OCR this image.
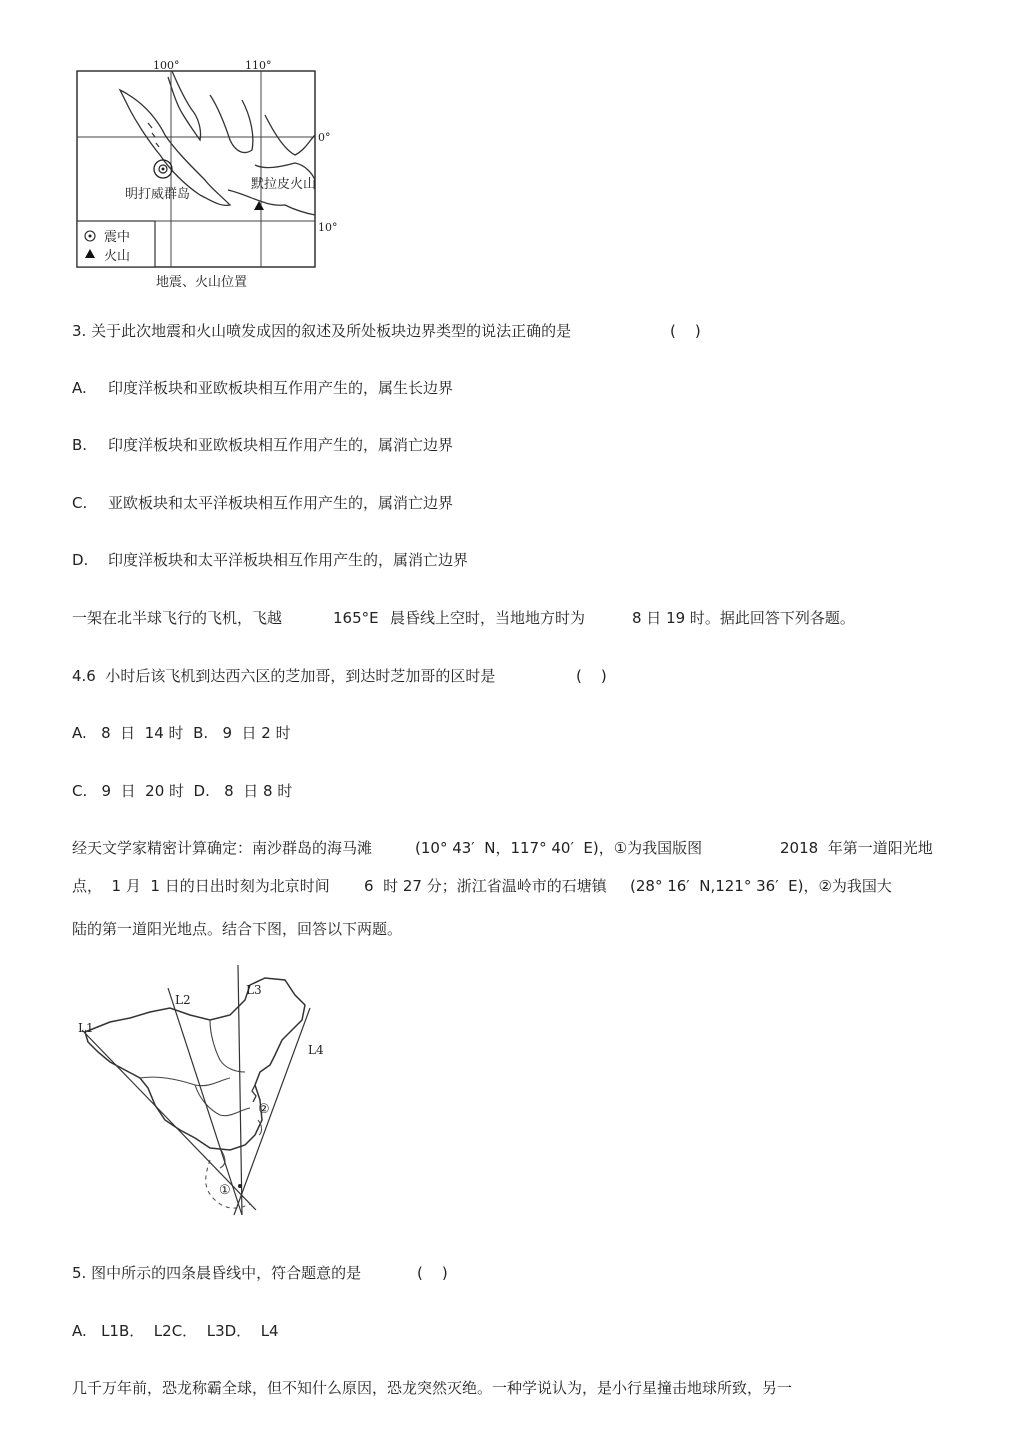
100°	110°
0°
10°
明打威群岛
默拉皮火山
震中
火山
地震、火山位置
3. 关于此次地震和火山喷发成因的叙述及所处板块边界类型的说法正确的是	(    )
A. 印度洋板块和亚欧板块相互作用产生的，属生长边界
B. 印度洋板块和亚欧板块相互作用产生的，属消亡边界
C. 亚欧板块和太平洋板块相互作用产生的，属消亡边界
D. 印度洋板块和太平洋板块相互作用产生的，属消亡边界
一架在北半球飞行的飞机，飞越	165°E 晨昏线上空时，当地地方时为	8 日 19 时。据此回答下列各题。
4.6  小时后该飞机到达西六区的芝加哥，到达时芝加哥的区时是	(    )
A.   8  日  14 时  B.   9  日 2 时
C.   9  日  20 时  D.   8  日 8 时
经天文学家精密计算确定：南沙群岛的海马滩	(10° 43′  N，117° 40′  E)，①为我国版图	2018  年第一道阳光地
点，  1 月  1 日的日出时刻为北京时间 6  时 27 分；浙江省温岭市的石塘镇 (28° 16′  N,121° 36′  E)，②为我国大
陆的第一道阳光地点。结合下图，回答以下两题。
L1
L2
L3
L4
①
②
5. 图中所示的四条晨昏线中，符合题意的是	(    )
A.   L1B．  L2C．  L3D．  L4
几千万年前，恐龙称霸全球，但不知什么原因，恐龙突然灭绝。一种学说认为，是小行星撞击地球所致，另一
